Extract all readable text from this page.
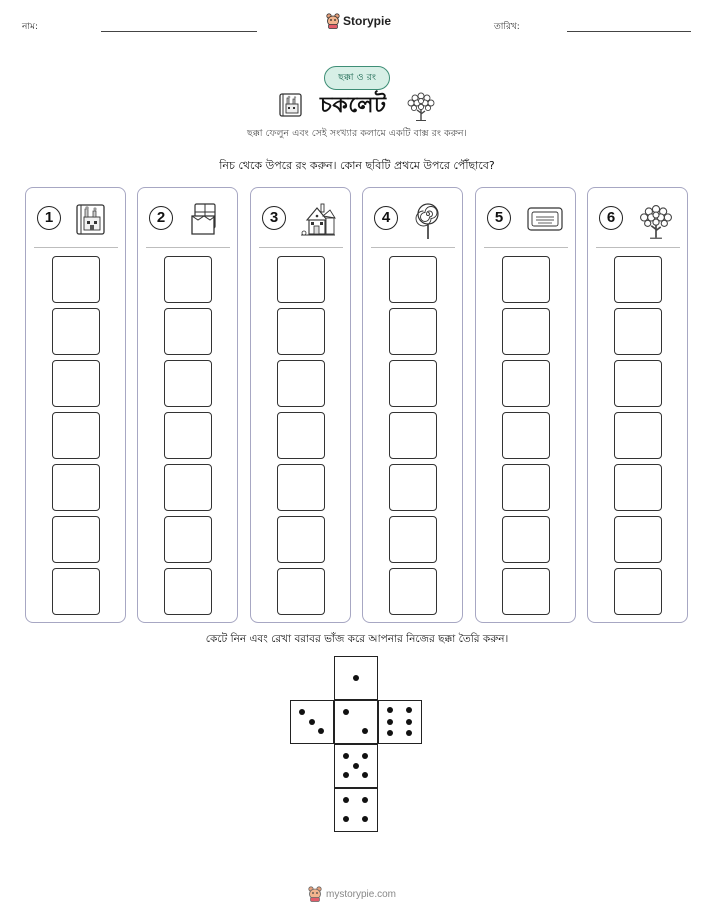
নাম:	Storypie	তারিখ:
ছক্কা ও রং
চকলেট
ছক্কা ফেলুন এবং সেই সংখ্যার কলামে একটি বাক্স রং করুন।
নিচ থেকে উপরে রং করুন। কোন ছবিটি প্রথমে উপরে পৌঁছাবে?
1	2	3	4	5	6
কেটে নিন এবং রেখা বরাবর ভাঁজ করে আপনার নিজের ছক্কা তৈরি করুন।
mystorypie.com
